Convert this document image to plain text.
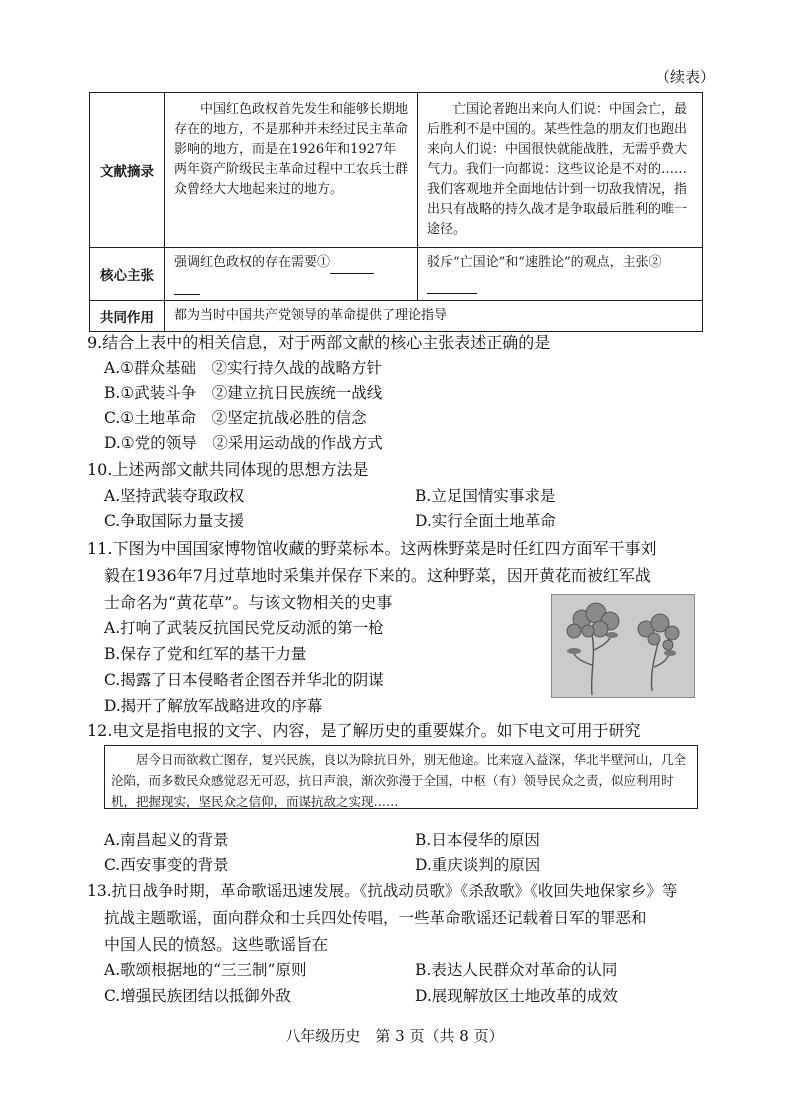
（续表）
文献摘录	中国红色政权首先发生和能够长期地存在的地方，不是那种并未经过民主革命影响的地方，而是在1926年和1927年两年资产阶级民主革命过程中工农兵士群众曾经大大地起来过的地方。	亡国论者跑出来向人们说：中国会亡，最后胜利不是中国的。某些性急的朋友们也跑出来向人们说：中国很快就能战胜，无需乎费大气力。我们一向都说：这些议论是不对的……我们客观地并全面地估计到一切敌我情况，指出只有战略的持久战才是争取最后胜利的唯一途径。

核心主张	强调红色政权的存在需要①	驳斥“亡国论”和“速胜论”的观点，主张②

共同作用	都为当时中国共产党领导的革命提供了理论指导	
9.结合上表中的相关信息，对于两部文献的核心主张表述正确的是
A.①群众基础　②实行持久战的战略方针
B.①武装斗争　②建立抗日民族统一战线
C.①土地革命　②坚定抗战必胜的信念
D.①党的领导　②采用运动战的作战方式
10.上述两部文献共同体现的思想方法是
A.坚持武装夺取政权	B.立足国情实事求是
C.争取国际力量支援	D.实行全面土地革命
11.下图为中国国家博物馆收藏的野菜标本。这两株野菜是时任红四方面军干事刘
毅在1936年7月过草地时采集并保存下来的。这种野菜，因开黄花而被红军战
士命名为“黄花草”。与该文物相关的史事
A.打响了武装反抗国民党反动派的第一枪
B.保存了党和红军的基干力量
C.揭露了日本侵略者企图吞并华北的阴谋
D.揭开了解放军战略进攻的序幕
12.电文是指电报的文字、内容，是了解历史的重要媒介。如下电文可用于研究
居今日而欲救亡图存，复兴民族，良以为除抗日外，别无他途。比来寇入益深，华北半壁河山，几全沦陷，而多数民众感觉忍无可忍，抗日声浪，渐次弥漫于全国，中枢（有）领导民众之责，似应利用时机，把握现实，坚民众之信仰，而谋抗敌之实现……
A.南昌起义的背景	B.日本侵华的原因
C.西安事变的背景	D.重庆谈判的原因
13.抗日战争时期，革命歌谣迅速发展。《抗战动员歌》《杀敌歌》《收回失地保家乡》等
抗战主题歌谣，面向群众和士兵四处传唱，一些革命歌谣还记载着日军的罪恶和
中国人民的愤怒。这些歌谣旨在
A.歌颂根据地的“三三制”原则	B.表达人民群众对革命的认同
C.增强民族团结以抵御外敌	D.展现解放区土地改革的成效
八年级历史　第 3 页（共 8 页）
